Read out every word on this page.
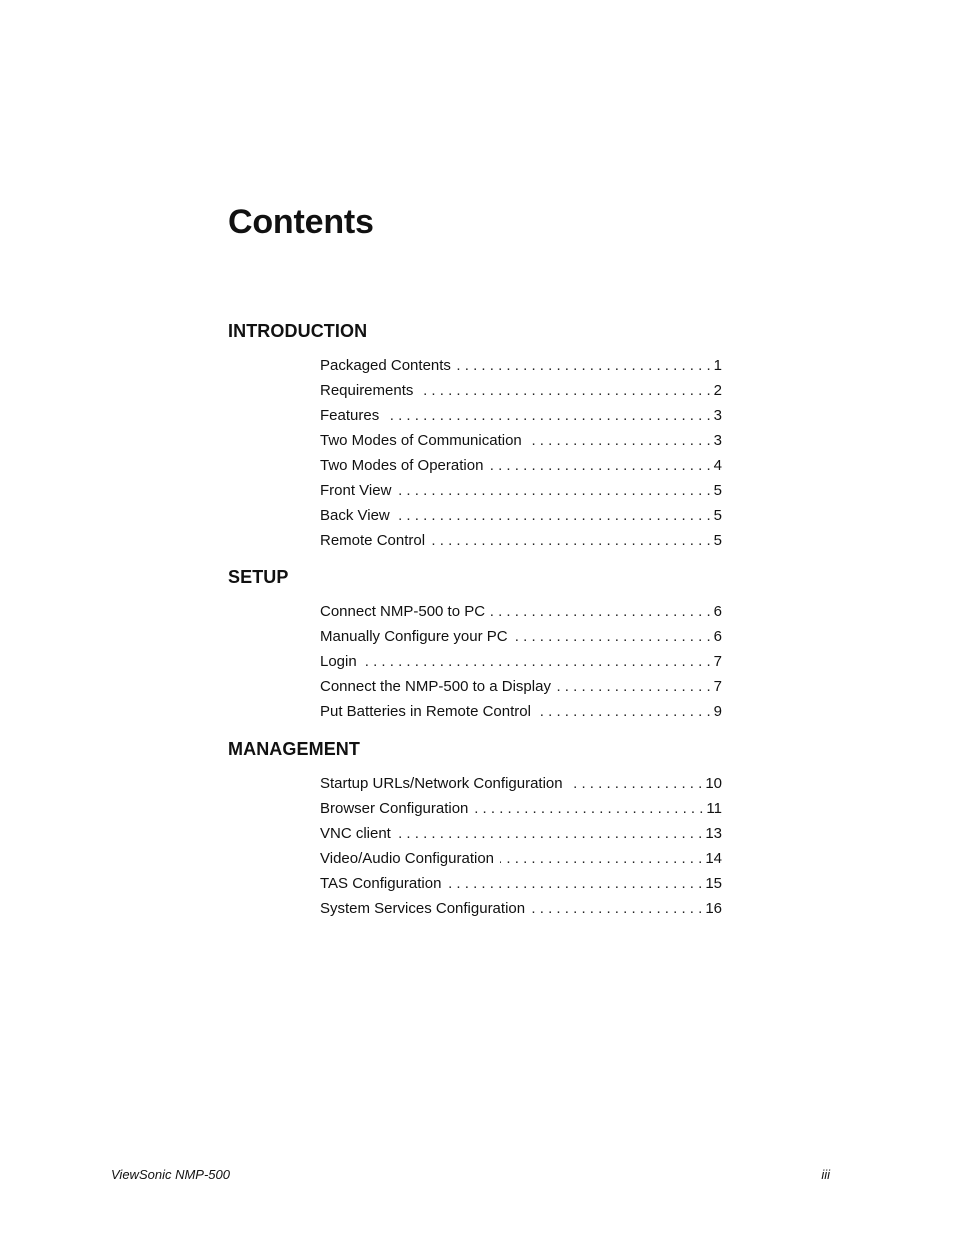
Contents
INTRODUCTION
Packaged Contents . . .	1
Requirements . . .	2
Features . . .	3
Two Modes of Communication . . .	3
Two Modes of Operation . . .	4
Front View . . .	5
Back View . . .	5
Remote Control . . .	5
SETUP
Connect NMP-500 to PC . . .	6
Manually Configure your PC . . .	6
Login . . .	7
Connect the NMP-500 to a Display . . .	7
Put Batteries in Remote Control . . .	9
MANAGEMENT
Startup URLs/Network Configuration . . .	10
Browser Configuration . . .	11
VNC client . . .	13
Video/Audio Configuration . . .	14
TAS Configuration . . .	15
System Services Configuration . . .	16
ViewSonic NMP-500	iii
